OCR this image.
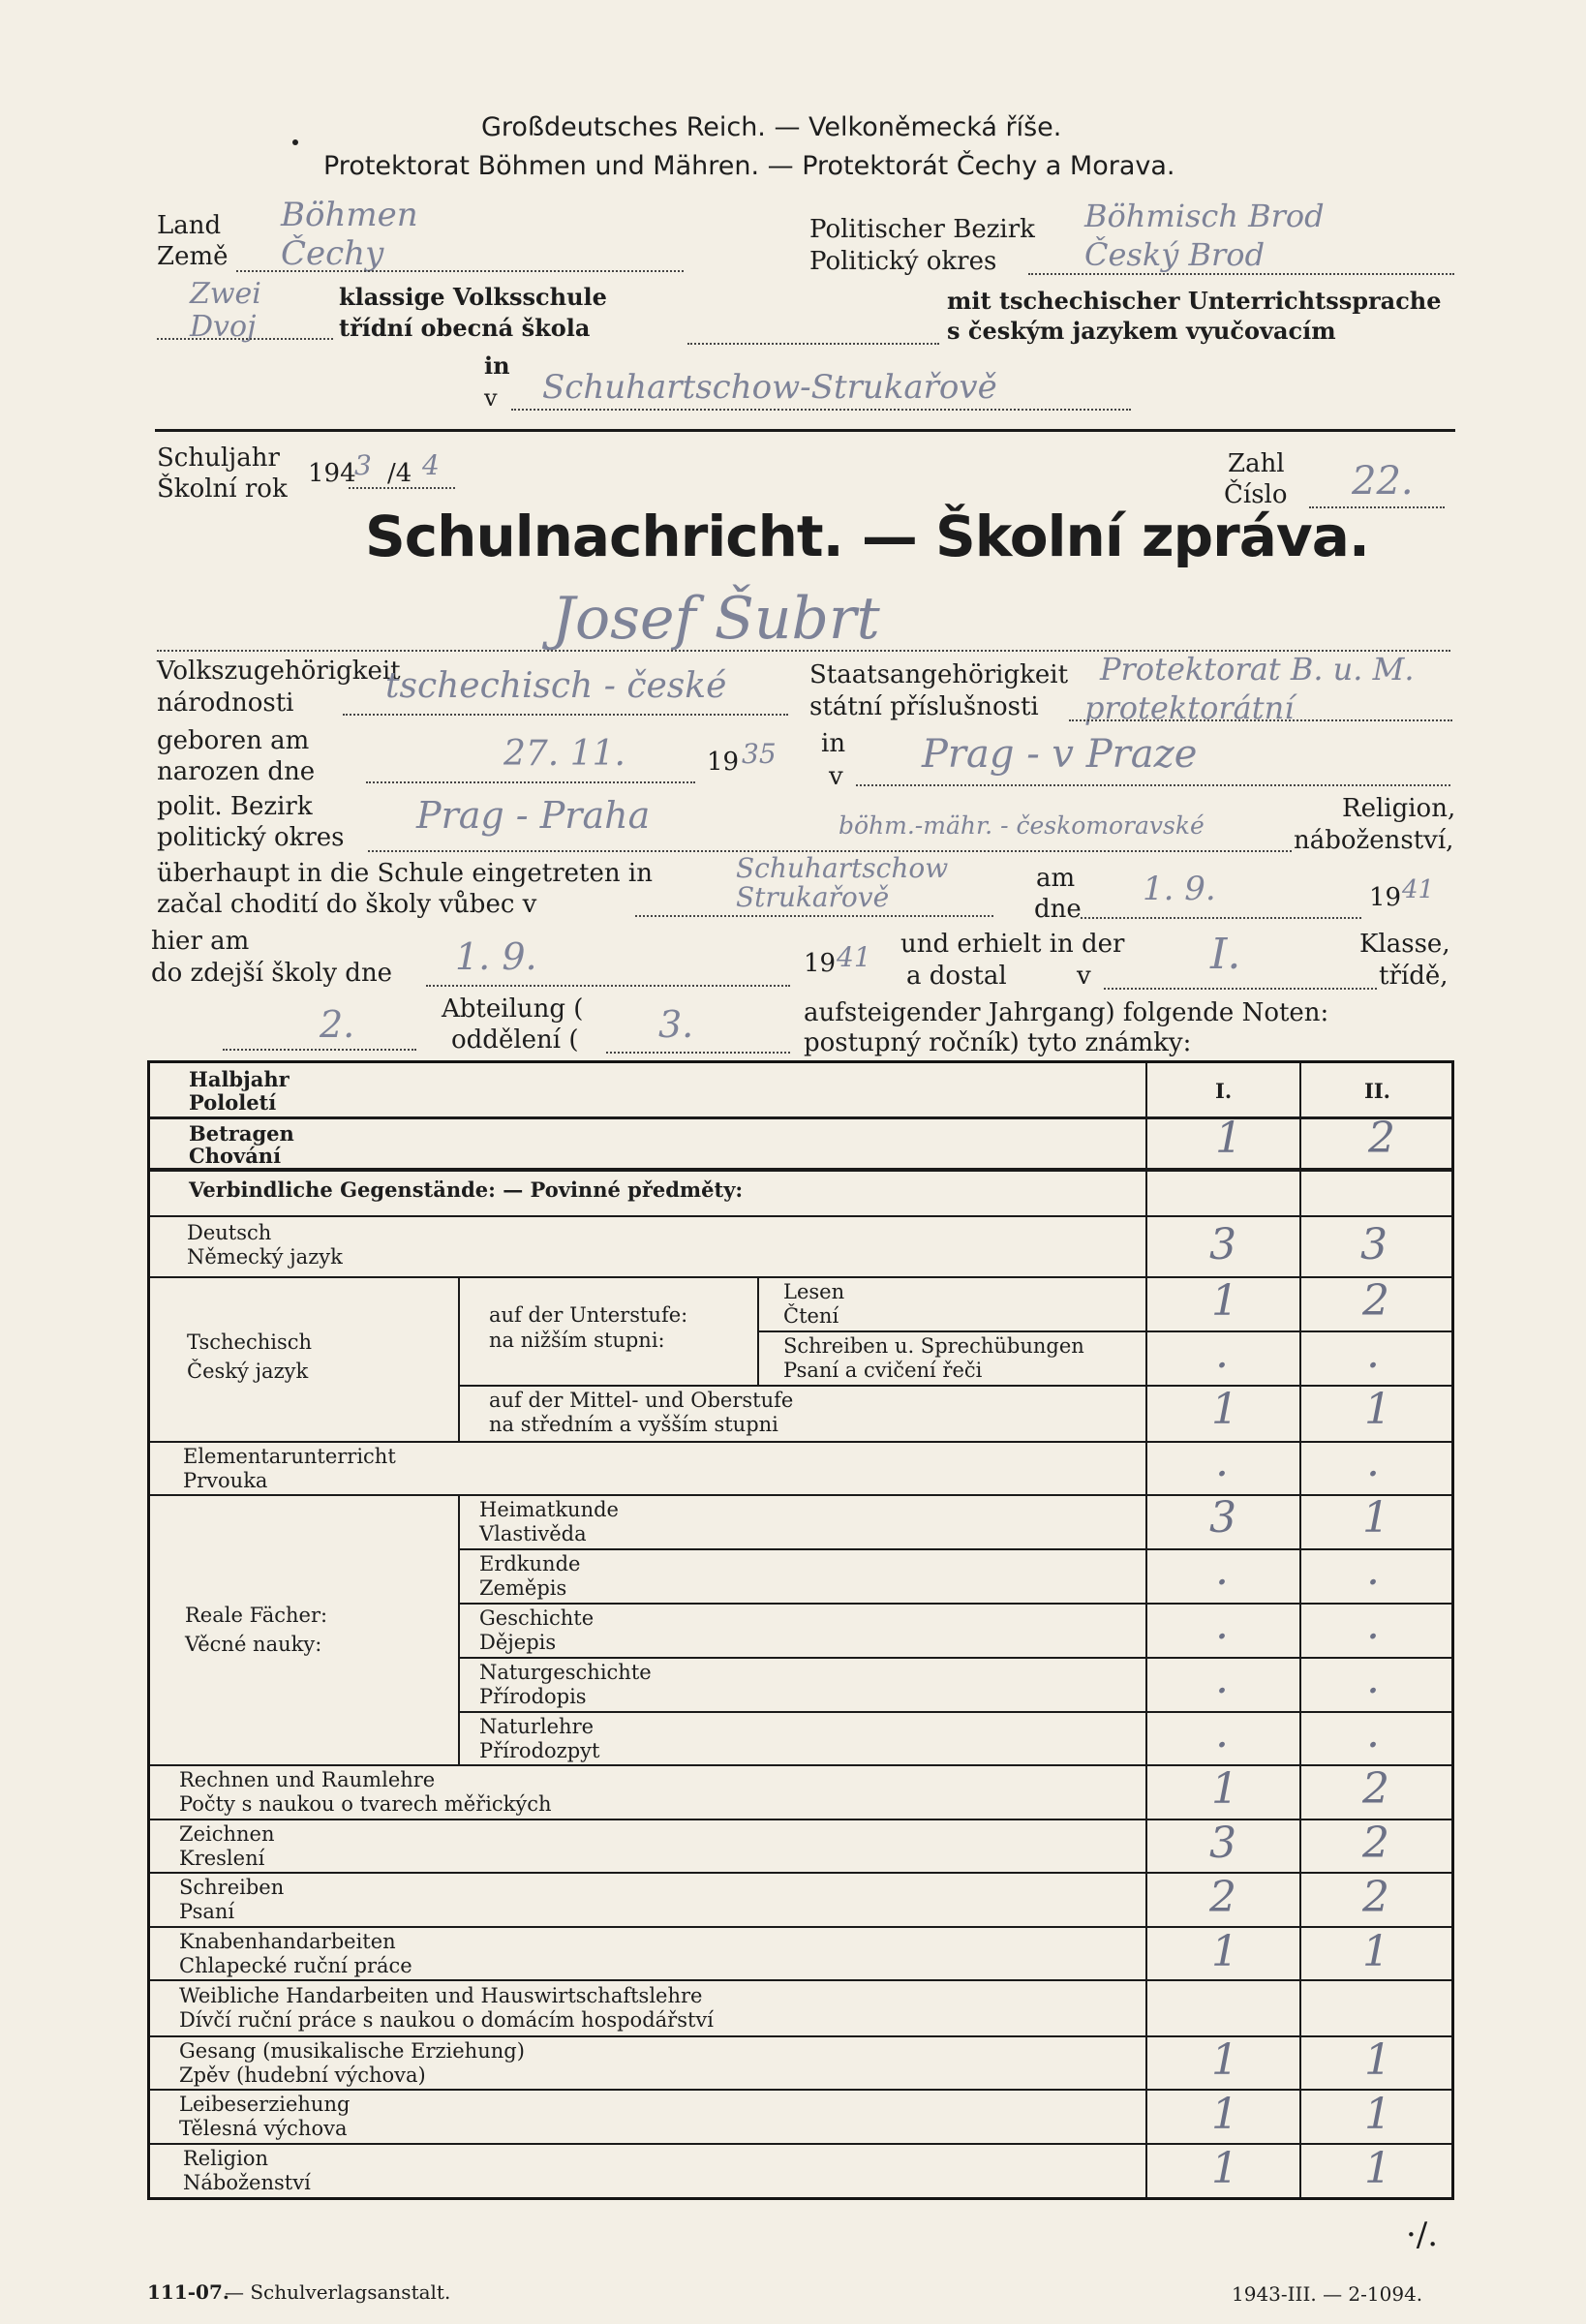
Großdeutsches Reich. — Velkoněmecká říše.
Protektorat Böhmen und Mähren. — Protektorát Čechy a Morava.
Land
Země
Böhmen
Čechy
Politischer Bezirk
Politický okres
Böhmisch Brod
Český Brod
Zwei
Dvoj
klassige Volksschule
třídní obecná škola
mit tschechischer Unterrichtssprache
s českým jazykem vyučovacím
in
v Schuhartschow-Strukařově
Schuljahr
Školní rok
194
3 /4 4	Zahl
Číslo 22.
Schulnachricht. — Školní zpráva.
Josef Šubrt
Volkszugehörigkeit
národnosti	tschechisch - české	Staatsangehörigkeit
státní příslušnosti
Protektorat B. u. M.
protektorátní
geboren am
narozen dne	27. 11.	19 35 in
v Prag - v Praze
polit. Bezirk
politický okres
Prag - Praha	böhm.-mähr. - českomoravské
Religion,
náboženství,
überhaupt in die Schule eingetreten in
začal chodití do školy vůbec v
Schuhartschow
Strukařově
am
dne
1. 9.	19 41
hier am
do zdejší školy dne 1. 9.	19 41 und erhielt in der
a dostal	v	I.	Klasse,
třídě,
2.	Abteilung (
oddělení ( 3.	aufsteigender Jahrgang) folgende Noten:
postupný ročník) tyto známky:
Halbjahr
Pololetí	I.	II.
Betragen
Chování	1	2
Verbindliche Gegenstände: — Povinné předměty:
Deutsch
Německý jazyk	3	3
Tschechisch
Český jazyk
auf der Unterstufe:
na nižším stupni:
Lesen
Čtení	1	2
Schreiben u. Sprechübungen
Psaní a cvičení řeči	.	.
auf der Mittel- und Oberstufe
na středním a vyšším stupni	1	1
Elementarunterricht
Prvouka	.	.
Reale Fächer:
Věcné nauky:
Heimatkunde
Vlastivěda	3	1
Erdkunde
Zeměpis	.	.
Geschichte
Dějepis	.	.
Naturgeschichte
Přírodopis	.	.
Naturlehre
Přírodozpyt	.	.
Rechnen und Raumlehre
Počty s naukou o tvarech měřických	1	2
Zeichnen
Kreslení	3	2
Schreiben
Psaní	2	2
Knabenhandarbeiten
Chlapecké ruční práce	1	1
Weibliche Handarbeiten und Hauswirtschaftslehre
Dívčí ruční práce s naukou o domácím hospodářství
Gesang (musikalische Erziehung)
Zpěv (hudební výchova)	1	1
Leibeserziehung
Tělesná výchova	1	1
Religion
Náboženství	1	1
·/.
111-07.
— Schulverlagsanstalt.	1943-III. — 2-1094.
